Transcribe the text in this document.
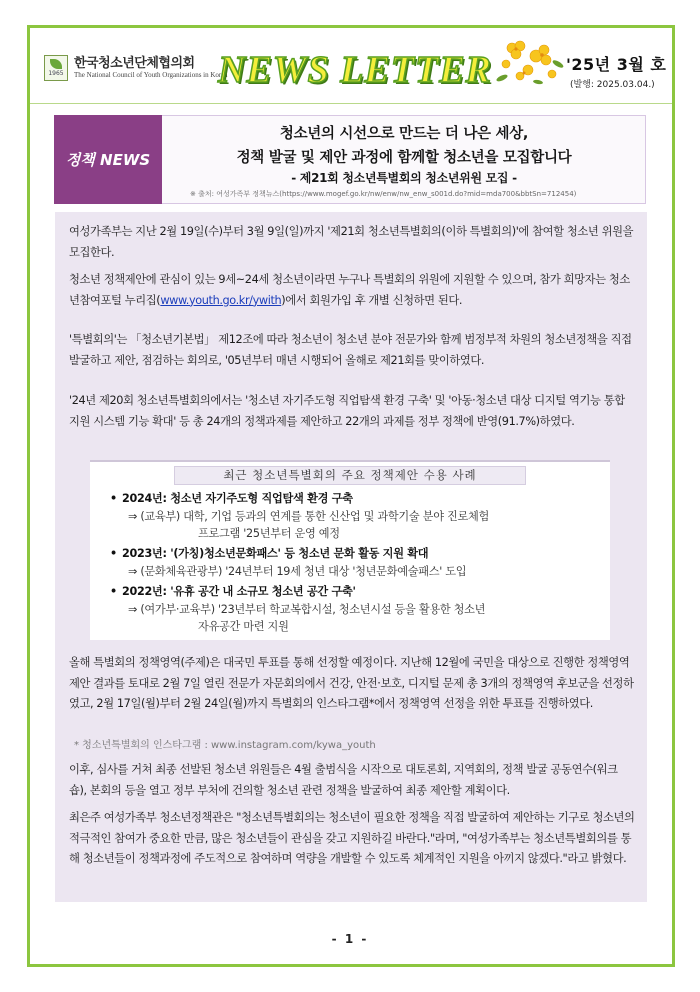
1965
한국청소년단체협의회
The National Council of Youth Organizations in Korea
NEWS LETTER	'25년 3월 호
(발행: 2025.03.04.)
정책 NEWS
청소년의 시선으로 만드는 더 나은 세상,
정책 발굴 및 제안 과정에 함께할 청소년을 모집합니다
- 제21회 청소년특별회의 청소년위원 모집 -
※ 출처: 여성가족부 정책뉴스(https://www.mogef.go.kr/nw/enw/nw_enw_s001d.do?mid=mda700&bbtSn=712454)
여성가족부는 지난 2월 19일(수)부터 3월 9일(일)까지 '제21회 청소년특별회의(이하 특별회의)'에 참여할 청소년 위원을 모집한다.
청소년 정책제안에 관심이 있는 9세~24세 청소년이라면 누구나 특별회의 위원에 지원할 수 있으며, 참가 희망자는 청소년참여포털 누리집(www.youth.go.kr/ywith)에서 회원가입 후 개별 신청하면 된다.
'특별회의'는 「청소년기본법」 제12조에 따라 청소년이 청소년 분야 전문가와 함께 범정부적 차원의 청소년정책을 직접 발굴하고 제안, 점검하는 회의로, '05년부터 매년 시행되어 올해로 제21회를 맞이하였다.
'24년 제20회 청소년특별회의에서는 '청소년 자기주도형 직업탐색 환경 구축' 및 '아동·청소년 대상 디지털 역기능 통합지원 시스템 기능 확대' 등 총 24개의 정책과제를 제안하고 22개의 과제를 정부 정책에 반영(91.7%)하였다.
최근 청소년특별회의 주요 정책제안 수용 사례
• 2024년: 청소년 자기주도형 직업탐색 환경 구축
⇒ (교육부) 대학, 기업 등과의 연계를 통한 신산업 및 과학기술 분야 진로체험
프로그램 '25년부터 운영 예정
• 2023년: '(가칭)청소년문화패스' 등 청소년 문화 활동 지원 확대
⇒ (문화체육관광부) '24년부터 19세 청년 대상 '청년문화예술패스' 도입
• 2022년: '유휴 공간 내 소규모 청소년 공간 구축'
⇒ (여가부·교육부) '23년부터 학교복합시설, 청소년시설 등을 활용한 청소년
자유공간 마련 지원
올해 특별회의 정책영역(주제)은 대국민 투표를 통해 선정할 예정이다. 지난해 12월에 국민을 대상으로 진행한 정책영역 제안 결과를 토대로 2월 7일 열린 전문가 자문회의에서 건강, 안전·보호, 디지털 문제 총 3개의 정책영역 후보군을 선정하였고, 2월 17일(월)부터 2월 24일(월)까지 특별회의 인스타그램*에서 정책영역 선정을 위한 투표를 진행하였다.
* 청소년특별회의 인스타그램 : www.instagram.com/kywa_youth
이후, 심사를 거쳐 최종 선발된 청소년 위원들은 4월 출범식을 시작으로 대토론회, 지역회의, 정책 발굴 공동연수(워크숍), 본회의 등을 열고 정부 부처에 건의할 청소년 관련 정책을 발굴하여 최종 제안할 계획이다.
최은주 여성가족부 청소년정책관은 "청소년특별회의는 청소년이 필요한 정책을 직접 발굴하여 제안하는 기구로 청소년의 적극적인 참여가 중요한 만큼, 많은 청소년들이 관심을 갖고 지원하길 바란다."라며, "여성가족부는 청소년특별회의를 통해 청소년들이 정책과정에 주도적으로 참여하며 역량을 개발할 수 있도록 체계적인 지원을 아끼지 않겠다."라고 밝혔다.
- 1 -
